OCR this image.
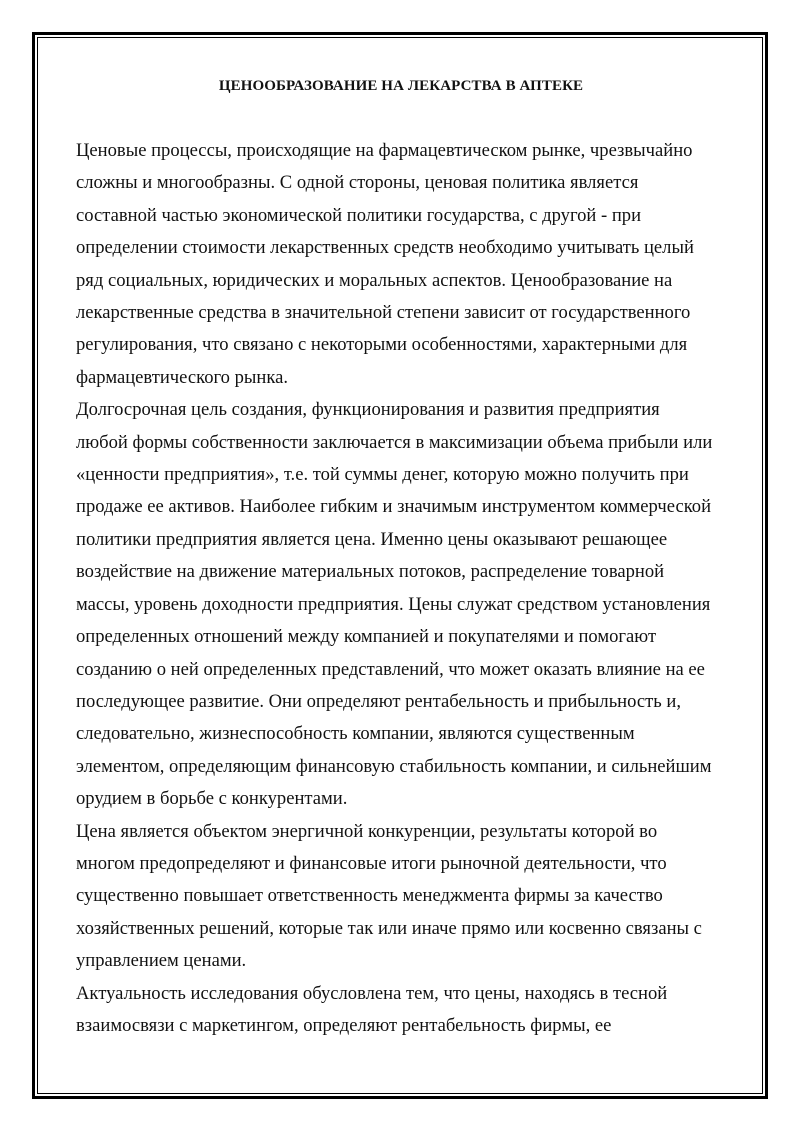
ЦЕНООБРАЗОВАНИЕ НА ЛЕКАРСТВА В АПТЕКЕ

Ценовые процессы, происходящие на фармацевтическом рынке, чрезвычайно
сложны и многообразны. С одной стороны, ценовая политика является
составной частью экономической политики государства, с другой - при
определении стоимости лекарственных средств необходимо учитывать целый
ряд социальных, юридических и моральных аспектов. Ценообразование на
лекарственные средства в значительной степени зависит от государственного
регулирования, что связано с некоторыми особенностями, характерными для
фармацевтического рынка.

Долгосрочная цель создания, функционирования и развития предприятия
любой формы собственности заключается в максимизации объема прибыли или
«ценности предприятия», т.е. той суммы денег, которую можно получить при
продаже ее активов. Наиболее гибким и значимым инструментом коммерческой
политики предприятия является цена. Именно цены оказывают решающее
воздействие на движение материальных потоков, распределение товарной
массы, уровень доходности предприятия. Цены служат средством установления
определенных отношений между компанией и покупателями и помогают
созданию о ней определенных представлений, что может оказать влияние на ее
последующее развитие. Они определяют рентабельность и прибыльность и,
следовательно, жизнеспособность компании, являются существенным
элементом, определяющим финансовую стабильность компании, и сильнейшим
орудием в борьбе с конкурентами.

Цена является объектом энергичной конкуренции, результаты которой во
многом предопределяют и финансовые итоги рыночной деятельности, что
существенно повышает ответственность менеджмента фирмы за качество
хозяйственных решений, которые так или иначе прямо или косвенно связаны с
управлением ценами.

Актуальность исследования обусловлена тем, что цены, находясь в тесной
взаимосвязи с маркетингом, определяют рентабельность фирмы, ее
